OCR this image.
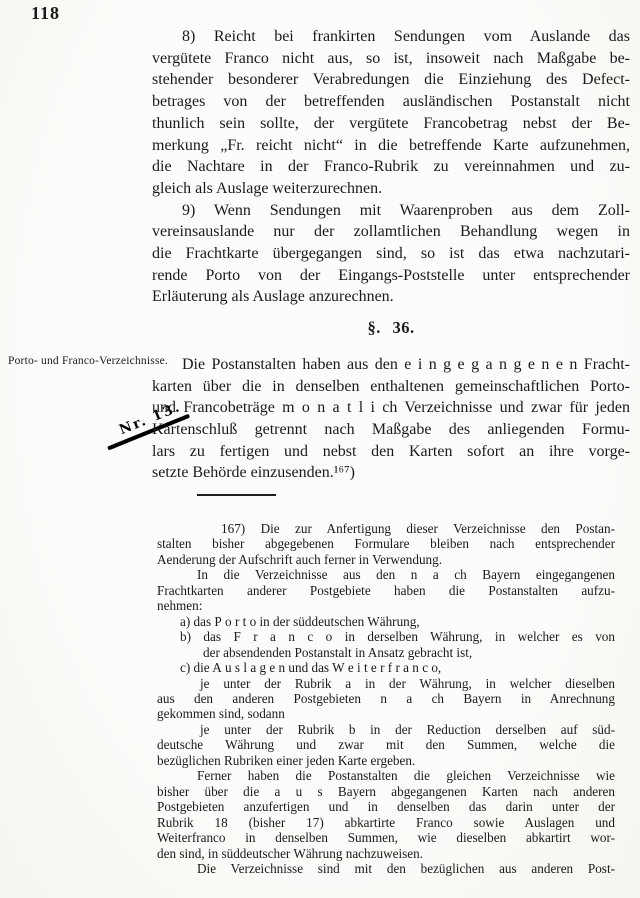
118
Porto- und Franco-Verzeichnisse.
Nr. 13.
8) Reicht bei frankirten Sendungen vom Auslande das
vergütete Franco nicht aus, so ist, insoweit nach Maßgabe be-
stehender besonderer Verabredungen die Einziehung des Defect-
betrages von der betreffenden ausländischen Postanstalt nicht
thunlich sein sollte, der vergütete Francobetrag nebst der Be-
merkung „Fr. reicht nicht“ in die betreffende Karte aufzunehmen,
die Nachtare in der Franco-Rubrik zu vereinnahmen und zu-
gleich als Auslage weiterzurechnen.
9) Wenn Sendungen mit Waarenproben aus dem Zoll-
vereinsauslande nur der zollamtlichen Behandlung wegen in
die Frachtkarte übergegangen sind, so ist das etwa nachzutari-
rende Porto von der Eingangs-Poststelle unter entsprechender
Erläuterung als Auslage anzurechnen.
§. 36.
Die Postanstalten haben aus den e i n g e g a n g e n e n Fracht-
karten über die in denselben enthaltenen gemeinschaftlichen Porto-
und Francobeträge m o n a t l i ch Verzeichnisse und zwar für jeden
Kartenschluß getrennt nach Maßgabe des anliegenden Formu-
lars zu fertigen und nebst den Karten sofort an ihre vorge-
setzte Behörde einzusenden.¹⁶⁷)
167) Die zur Anfertigung dieser Verzeichnisse den Postan-
stalten bisher abgegebenen Formulare bleiben nach entsprechender
Aenderung der Aufschrift auch ferner in Verwendung.
In die Verzeichnisse aus den n a ch Bayern eingegangenen
Frachtkarten anderer Postgebiete haben die Postanstalten aufzu-
nehmen:
a) das P o r t o in der süddeutschen Währung,
b) das F r a n c o in derselben Währung, in welcher es von
der absendenden Postanstalt in Ansatz gebracht ist,
c) die A u s l a g e n und das W e i t e r f r a n c o,
je unter der Rubrik a in der Währung, in welcher dieselben
aus den anderen Postgebieten n a ch Bayern in Anrechnung
gekommen sind, sodann
je unter der Rubrik b in der Reduction derselben auf süd-
deutsche Währung und zwar mit den Summen, welche die
bezüglichen Rubriken einer jeden Karte ergeben.
Ferner haben die Postanstalten die gleichen Verzeichnisse wie
bisher über die a u s Bayern abgegangenen Karten nach anderen
Postgebieten anzufertigen und in denselben das darin unter der
Rubrik 18 (bisher 17) abkartirte Franco sowie Auslagen und
Weiterfranco in denselben Summen, wie dieselben abkartirt wor-
den sind, in süddeutscher Währung nachzuweisen.
Die Verzeichnisse sind mit den bezüglichen aus anderen Post-
